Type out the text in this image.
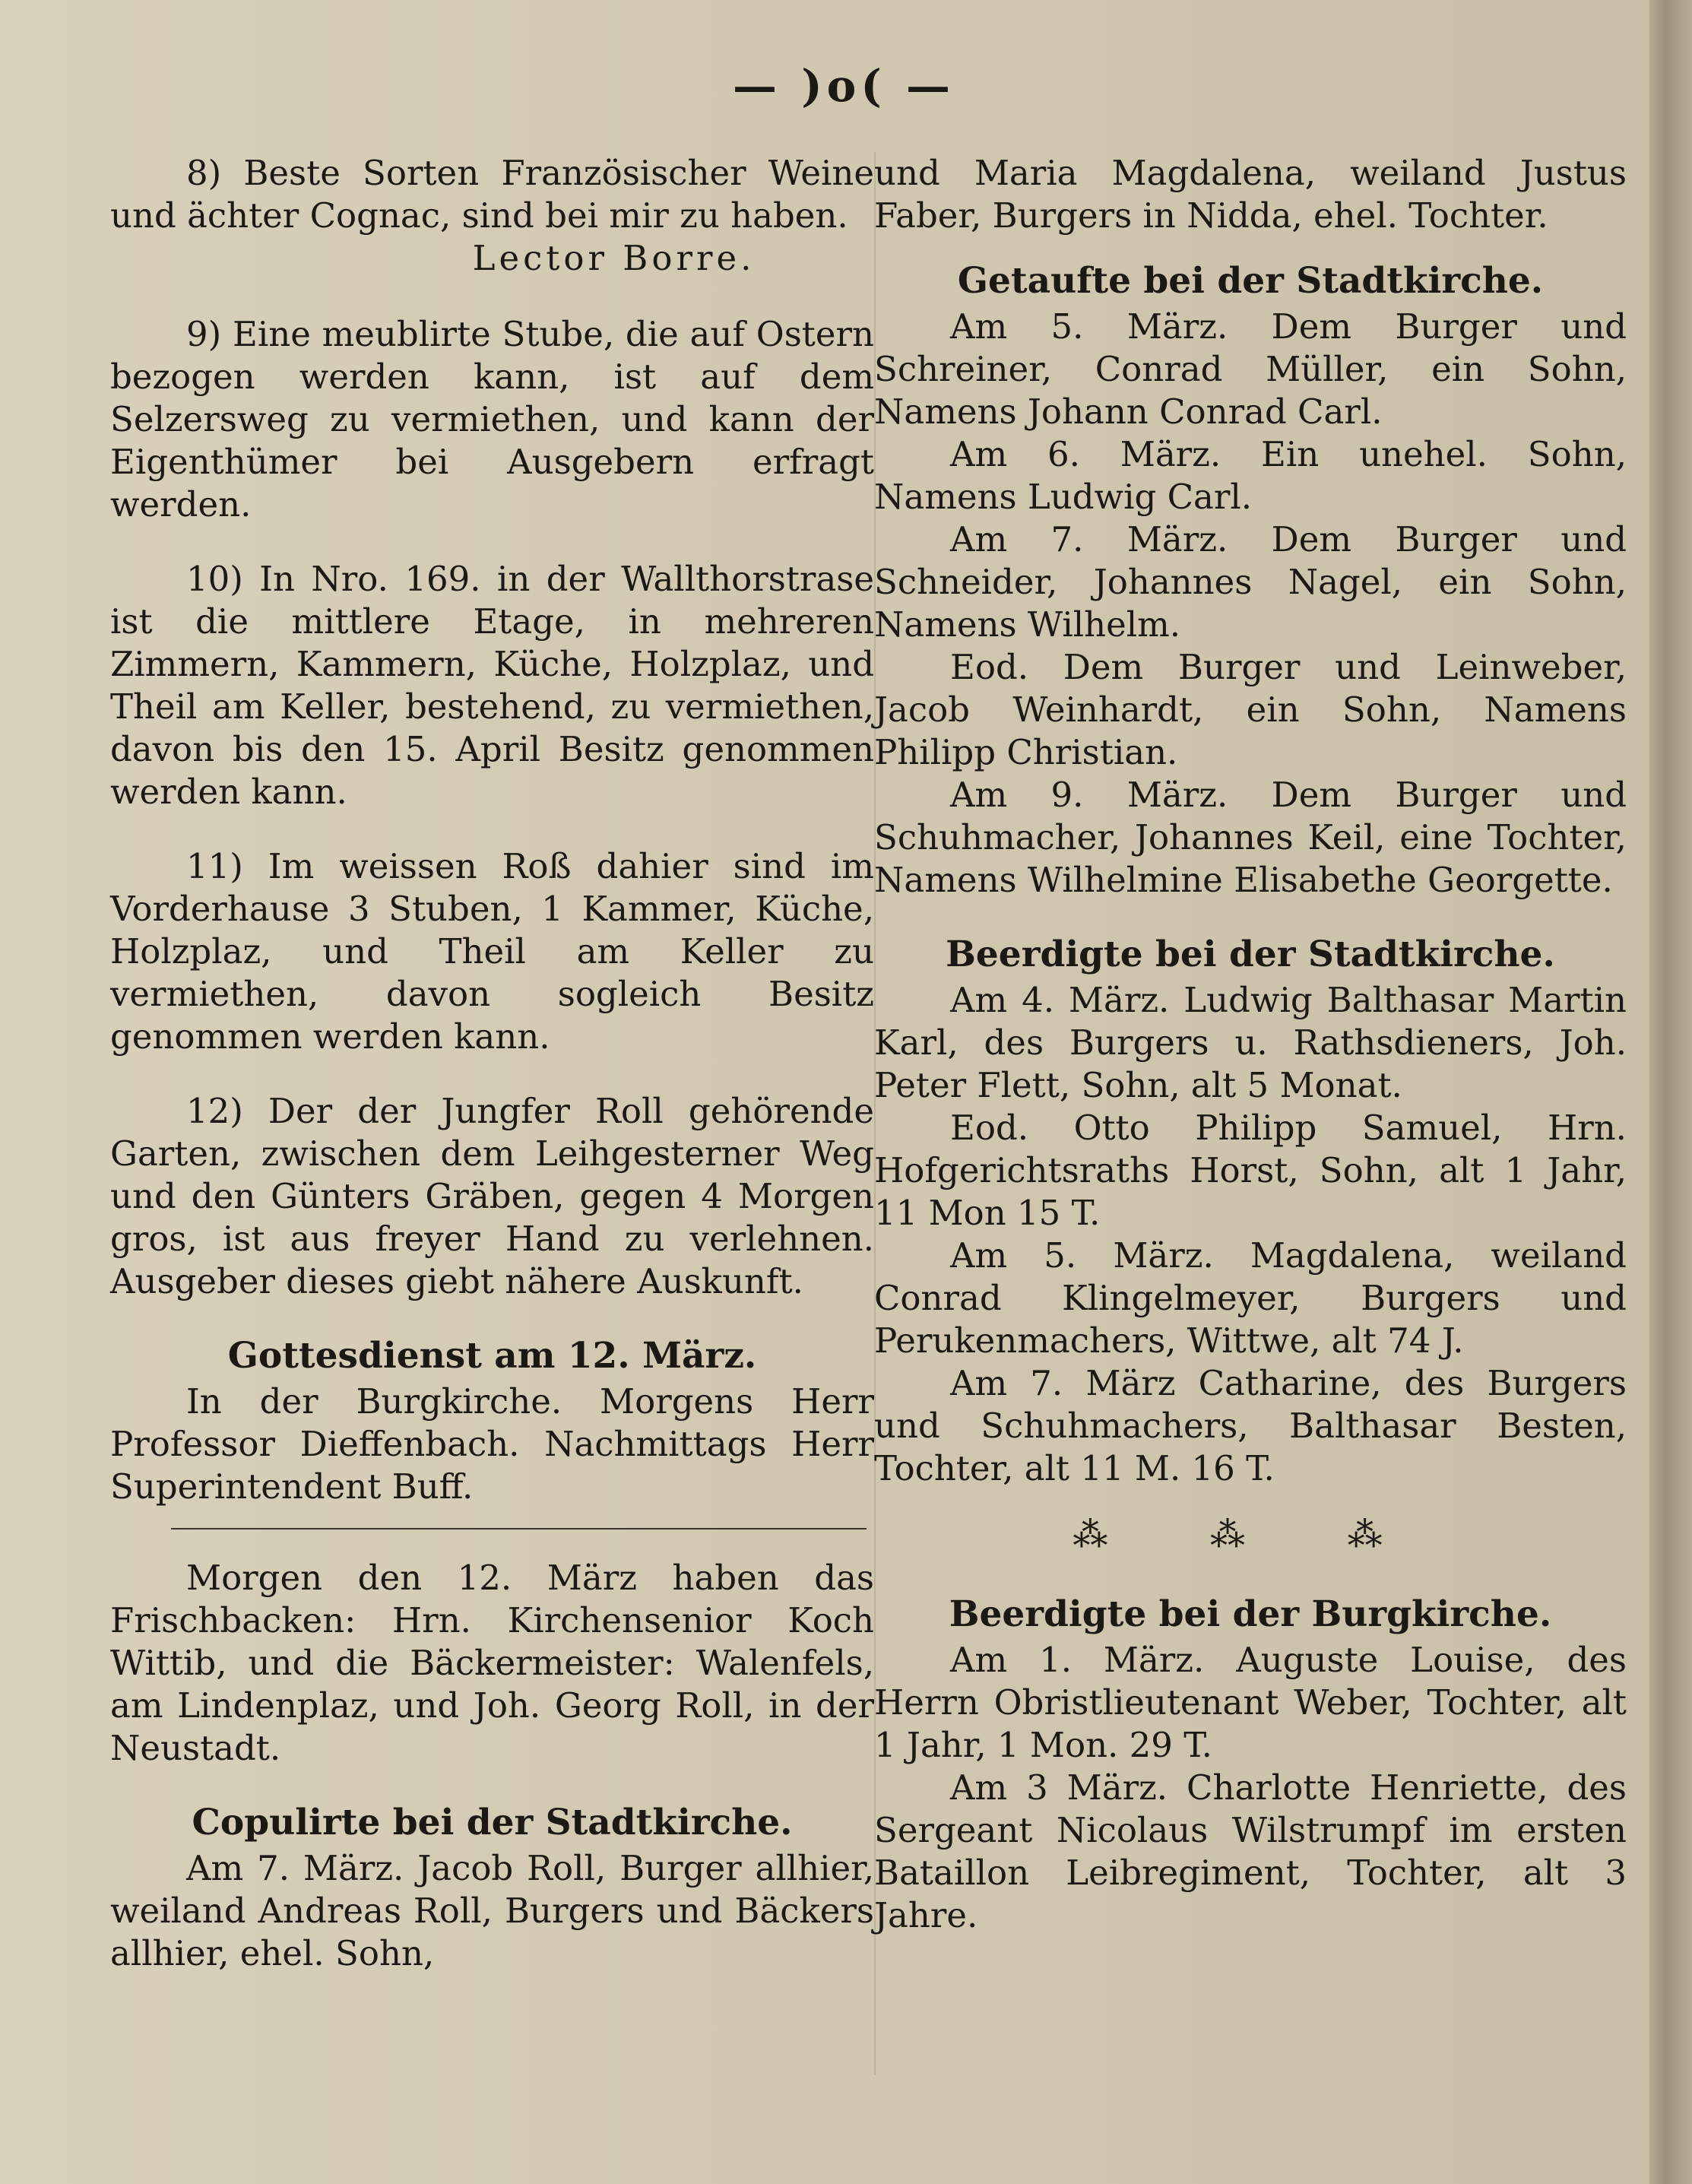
— )o( —

8) Beste Sorten Französischer Weine und ächter Cognac, sind bei mir zu haben.

Lector Borre.

9) Eine meublirte Stube, die auf Ostern bezogen werden kann, ist auf dem Selzersweg zu vermiethen, und kann der Eigenthümer bei Ausgebern erfragt werden.

10) In Nro. 169. in der Wallthorstrase ist die mittlere Etage, in mehreren Zimmern, Kammern, Küche, Holzplaz, und Theil am Keller, bestehend, zu vermiethen, davon bis den 15. April Besitz genommen werden kann.

11) Im weissen Roß dahier sind im Vorderhause 3 Stuben, 1 Kammer, Küche, Holzplaz, und Theil am Keller zu vermiethen, davon sogleich Besitz genommen werden kann.

12) Der der Jungfer Roll gehörende Garten, zwischen dem Leihgesterner Weg und den Günters Gräben, gegen 4 Morgen gros, ist aus freyer Hand zu verlehnen. Ausgeber dieses giebt nähere Auskunft.

Gottesdienst am 12. März.

In der Burgkirche. Morgens Herr Professor Dieffenbach. Nachmittags Herr Superintendent Buff.

Morgen den 12. März haben das Frischbacken: Hrn. Kirchensenior Koch Wittib, und die Bäckermeister: Walenfels, am Lindenplaz, und Joh. Georg Roll, in der Neustadt.

Copulirte bei der Stadtkirche.

Am 7. März. Jacob Roll, Burger allhier, weiland Andreas Roll, Burgers und Bäckers allhier, ehel. Sohn,

und Maria Magdalena, weiland Justus Faber, Burgers in Nidda, ehel. Tochter.

Getaufte bei der Stadtkirche.

Am 5. März. Dem Burger und Schreiner, Conrad Müller, ein Sohn, Namens Johann Conrad Carl.

Am 6. März. Ein unehel. Sohn, Namens Ludwig Carl.

Am 7. März. Dem Burger und Schneider, Johannes Nagel, ein Sohn, Namens Wilhelm.

Eod. Dem Burger und Leinweber, Jacob Weinhardt, ein Sohn, Namens Philipp Christian.

Am 9. März. Dem Burger und Schuhmacher, Johannes Keil, eine Tochter, Namens Wilhelmine Elisabethe Georgette.

Beerdigte bei der Stadtkirche.

Am 4. März. Ludwig Balthasar Martin Karl, des Burgers u. Rathsdieners, Joh. Peter Flett, Sohn, alt 5 Monat.

Eod. Otto Philipp Samuel, Hrn. Hofgerichtsraths Horst, Sohn, alt 1 Jahr, 11 Mon 15 T.

Am 5. März. Magdalena, weiland Conrad Klingelmeyer, Burgers und Perukenmachers, Wittwe, alt 74 J.

Am 7. März Catharine, des Burgers und Schuhmachers, Balthasar Besten, Tochter, alt 11 M. 16 T.

⁂ ⁂ ⁂

Beerdigte bei der Burgkirche.

Am 1. März. Auguste Louise, des Herrn Obristlieutenant Weber, Tochter, alt 1 Jahr, 1 Mon. 29 T.

Am 3 März. Charlotte Henriette, des Sergeant Nicolaus Wilstrumpf im ersten Bataillon Leibregiment, Tochter, alt 3 Jahre.
